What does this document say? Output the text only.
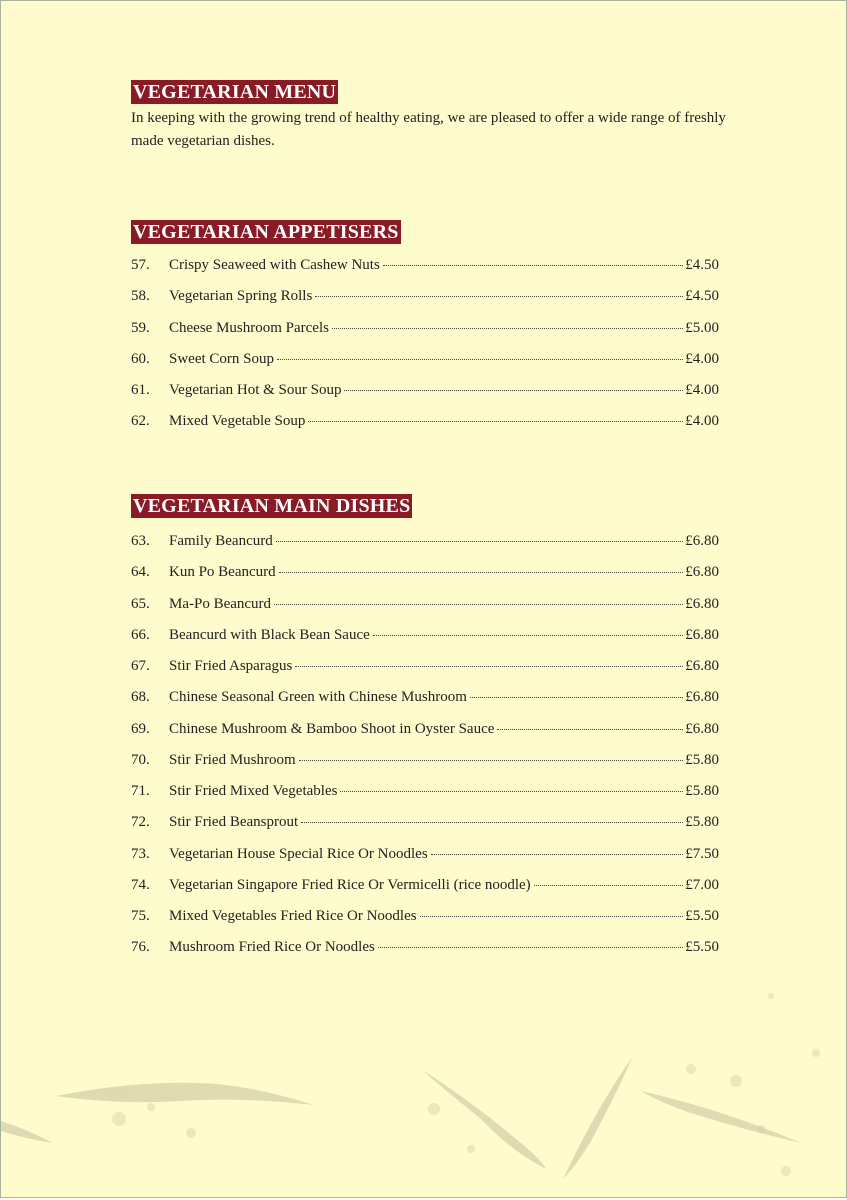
VEGETARIAN MENU

In keeping with the growing trend of healthy eating, we are pleased to offer a wide range of freshly made vegetarian dishes.

VEGETARIAN APPETISERS
57.	Crispy Seaweed with Cashew Nuts	£4.50
58.	Vegetarian Spring Rolls	£4.50
59.	Cheese Mushroom Parcels	£5.00
60.	Sweet Corn Soup	£4.00
61.	Vegetarian Hot & Sour Soup	£4.00
62.	Mixed Vegetable Soup	£4.00
VEGETARIAN MAIN DISHES
63.	Family Beancurd	£6.80
64.	Kun Po Beancurd	£6.80
65.	Ma-Po Beancurd	£6.80
66.	Beancurd with Black Bean Sauce	£6.80
67.	Stir Fried Asparagus	£6.80
68.	Chinese Seasonal Green with Chinese Mushroom	£6.80
69.	Chinese Mushroom & Bamboo Shoot in Oyster Sauce	£6.80
70.	Stir Fried Mushroom	£5.80
71.	Stir Fried Mixed Vegetables	£5.80
72.	Stir Fried Beansprout	£5.80
73.	Vegetarian House Special Rice Or Noodles	£7.50
74.	Vegetarian Singapore Fried Rice Or Vermicelli (rice noodle)	£7.00
75.	Mixed Vegetables Fried Rice Or Noodles	£5.50
76.	Mushroom Fried Rice Or Noodles	£5.50
